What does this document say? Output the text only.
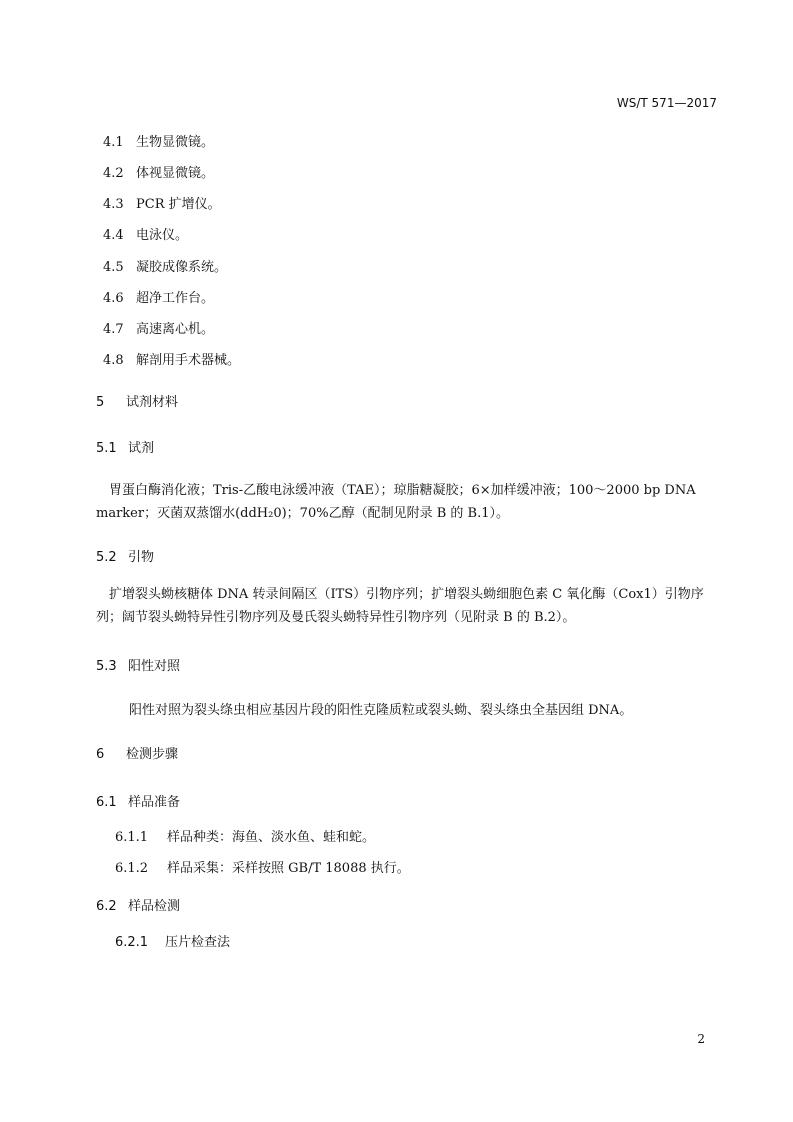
WS/T 571—2017
4.1 生物显微镜。
4.2 体视显微镜。
4.3 PCR 扩增仪。
4.4 电泳仪。
4.5 凝胶成像系统。
4.6 超净工作台。
4.7 高速离心机。
4.8 解剖用手术器械。
5 试剂材料
5.1 试剂
胃蛋白酶消化液；Tris-乙酸电泳缓冲液（TAE）；琼脂糖凝胶；6×加样缓冲液；100～2000 bp DNA marker；灭菌双蒸馏水(ddH₂0)；70%乙醇（配制见附录 B 的 B.1）。
5.2 引物
扩增裂头蚴核糖体 DNA 转录间隔区（ITS）引物序列；扩增裂头蚴细胞色素 C 氧化酶（Cox1）引物序列；阔节裂头蚴特异性引物序列及曼氏裂头蚴特异性引物序列（见附录 B 的 B.2）。
5.3 阳性对照
阳性对照为裂头绦虫相应基因片段的阳性克隆质粒或裂头蚴、裂头绦虫全基因组 DNA。
6 检测步骤
6.1 样品准备
6.1.1 样品种类：海鱼、淡水鱼、蛙和蛇。
6.1.2 样品采集：采样按照 GB/T 18088 执行。
6.2 样品检测
6.2.1 压片检查法
2
